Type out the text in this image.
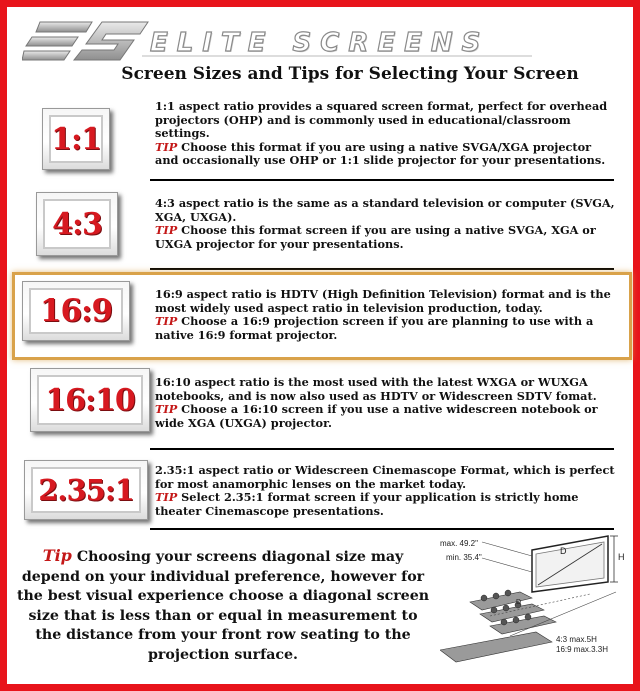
ELITE SCREENS
Screen Sizes and Tips for Selecting Your Screen
1:1
1:1 aspect ratio provides a squared screen format, perfect for overhead projectors (OHP) and is commonly used in educational/classroom settings.
TIP Choose this format if you are using a native SVGA/XGA projector and occasionally use OHP or 1:1 slide projector for your presentations.
4:3
4:3 aspect ratio is the same as a standard television or computer (SVGA, XGA, UXGA).
TIP Choose this format screen if you are using a native SVGA, XGA or UXGA projector for your presentations.
16:9	16:9 aspect ratio is HDTV (High Definition Television) format and is the most widely used aspect ratio in television production, today.
TIP Choose a 16:9 projection screen if you are planning to use with a native 16:9 format projector.
16:10
16:10 aspect ratio is the most used with the latest WXGA or WUXGA notebooks, and is now also used as HDTV or Widescreen SDTV fomat.
TIP Choose a 16:10 screen if you use a native widescreen notebook or wide XGA (UXGA) projector.
2.35:1
2.35:1 aspect ratio or Widescreen Cinemascope Format, which is perfect for most anamorphic lenses on the market today.
TIP Select 2.35:1 format screen if your application is strictly home theater Cinemascope presentations.
Tip Choosing your screens diagonal size may depend on your individual preference, however for the best visual experience choose a diagonal screen size that is less than or equal in measurement to the distance from your front row seating to the projection surface.
H
D
max. 49.2"
min. 35.4"
D
4:3 max.5H
16:9 max.3.3H
